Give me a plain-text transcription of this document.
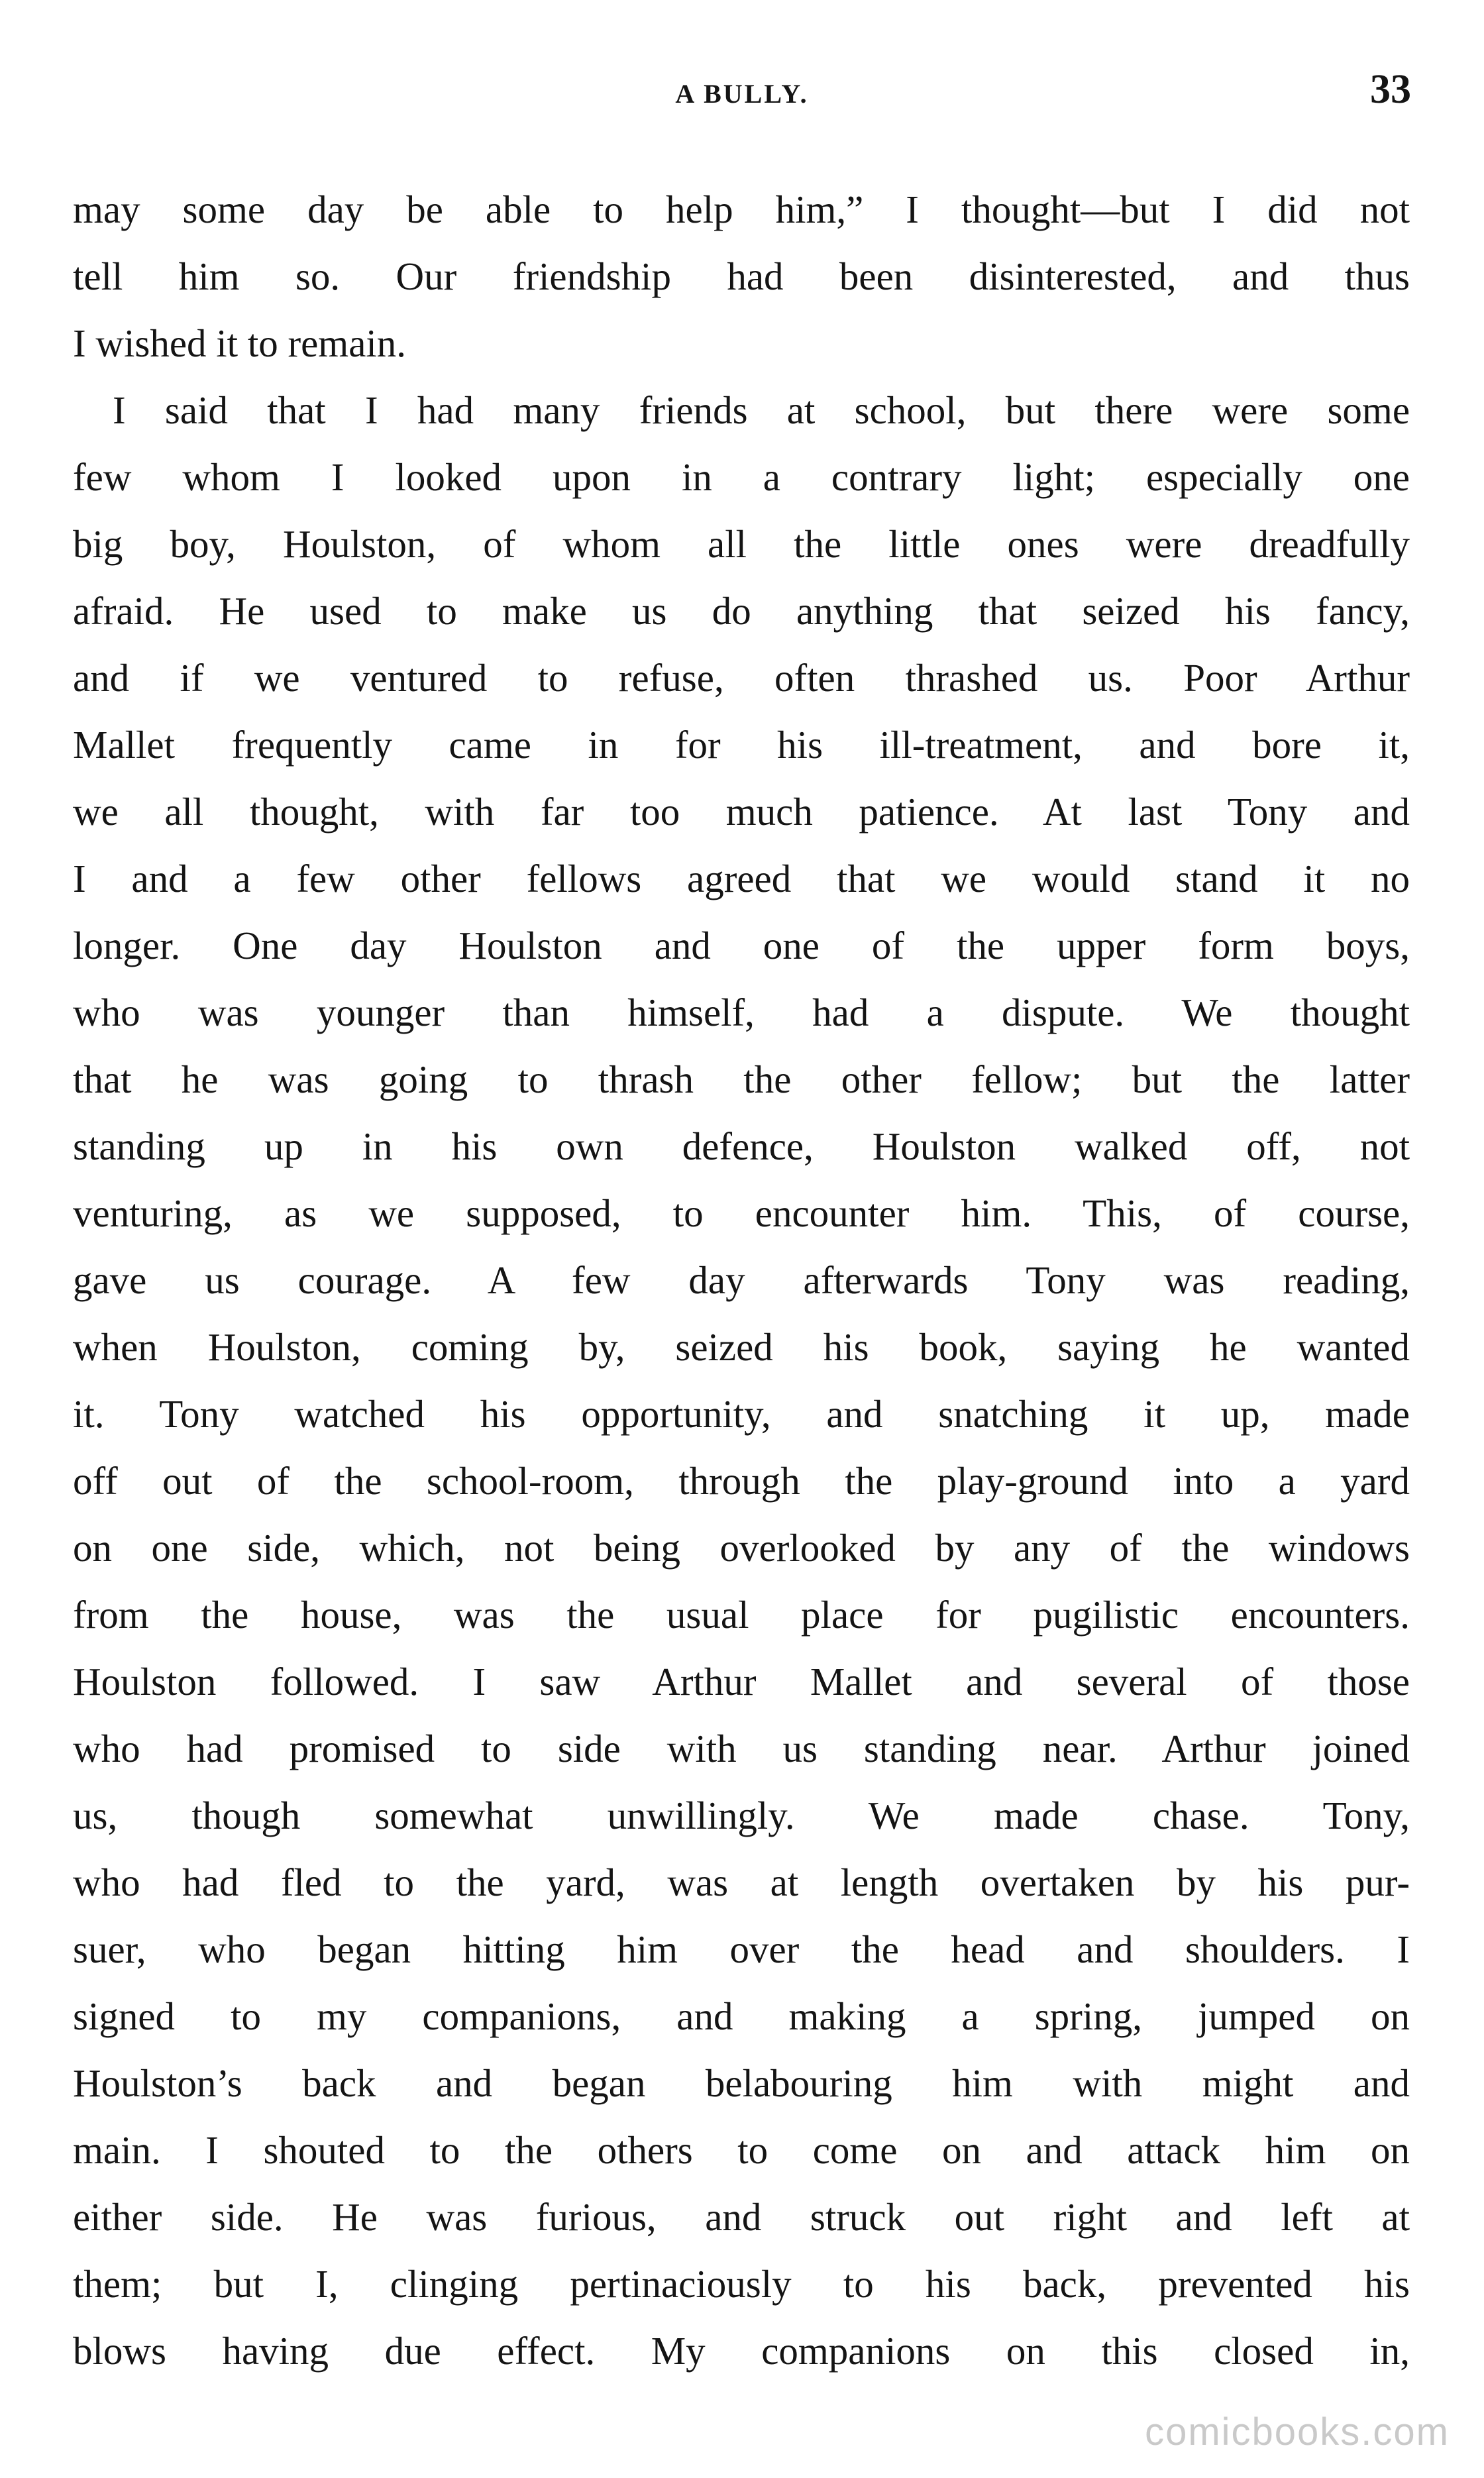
A BULLY.	33
may some day be able to help him,” I thought—but I did not
tell him so. Our friendship had been disinterested, and thus
I wished it to remain.
I said that I had many friends at school, but there were some
few whom I looked upon in a contrary light; especially one
big boy, Houlston, of whom all the little ones were dreadfully
afraid. He used to make us do anything that seized his fancy,
and if we ventured to refuse, often thrashed us. Poor Arthur
Mallet frequently came in for his ill-treatment, and bore it,
we all thought, with far too much patience. At last Tony and
I and a few other fellows agreed that we would stand it no
longer. One day Houlston and one of the upper form boys,
who was younger than himself, had a dispute. We thought
that he was going to thrash the other fellow; but the latter
standing up in his own defence, Houlston walked off, not
venturing, as we supposed, to encounter him. This, of course,
gave us courage. A few day afterwards Tony was reading,
when Houlston, coming by, seized his book, saying he wanted
it. Tony watched his opportunity, and snatching it up, made
off out of the school-room, through the play-ground into a yard
on one side, which, not being overlooked by any of the windows
from the house, was the usual place for pugilistic encounters.
Houlston followed. I saw Arthur Mallet and several of those
who had promised to side with us standing near. Arthur joined
us, though somewhat unwillingly. We made chase. Tony,
who had fled to the yard, was at length overtaken by his pur-
suer, who began hitting him over the head and shoulders. I
signed to my companions, and making a spring, jumped on
Houlston’s back and began belabouring him with might and
main. I shouted to the others to come on and attack him on
either side. He was furious, and struck out right and left at
them; but I, clinging pertinaciously to his back, prevented his
blows having due effect. My companions on this closed in,
comicbooks.com
